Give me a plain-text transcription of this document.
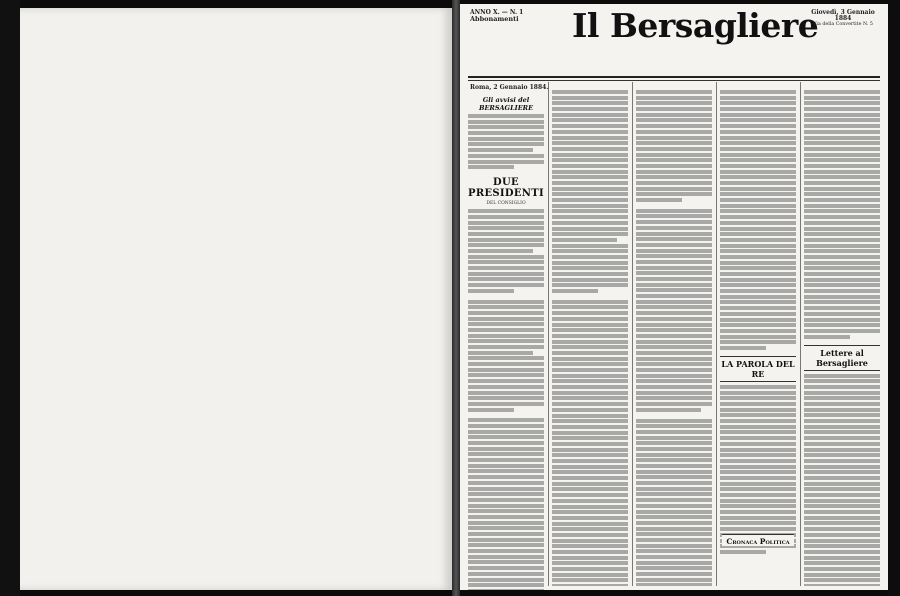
ANNO X. — N. 1
Abbonamenti	Il Bersagliere
Giovedì, 3 Gennaio 1884
Via della Convertite N. 5
Roma, 2 Gennaio 1884.
Gli avvisi del BERSAGLIERE
DUE PRESIDENTI
DEL CONSIGLIO
LA PAROLA DEL RE
Lettere al Bersagliere
Cronaca Politica
